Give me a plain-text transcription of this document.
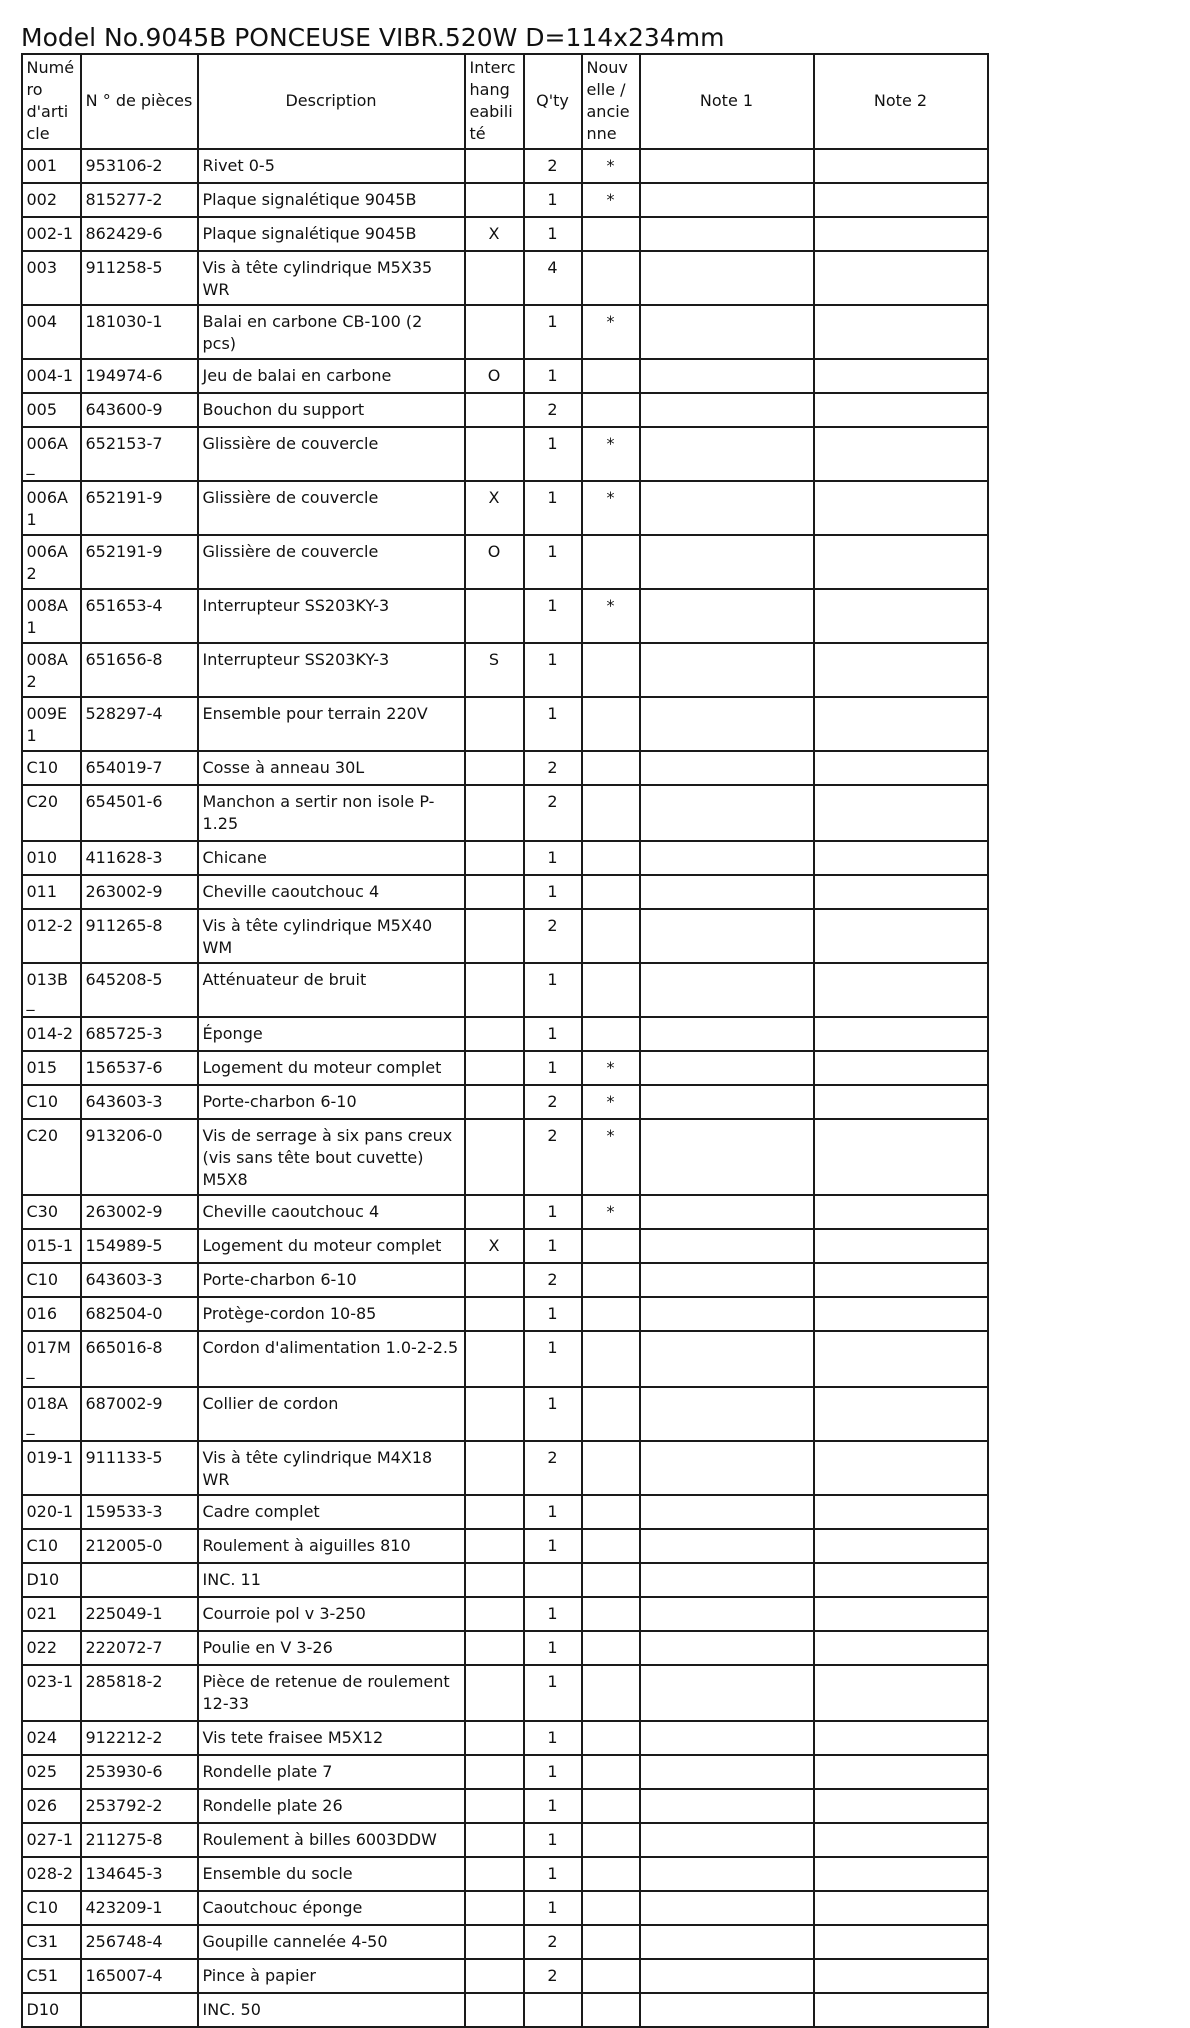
Model No.9045B PONCEUSE VIBR.520W D=114x234mm
Numéro d'article	N ° de pièces	Description	Interchangeabilité	Q'ty	Nouvelle / ancienne	Note 1	Note 2
001	953106-2	Rivet 0-5		2	*		
002	815277-2	Plaque signalétique 9045B		1	*		
002-1	862429-6	Plaque signalétique 9045B	X	1			
003	911258-5	Vis à tête cylindrique M5X35 WR		4			
004	181030-1	Balai en carbone CB-100 (2 pcs)		1	*		
004-1	194974-6	Jeu de balai en carbone	O	1			
005	643600-9	Bouchon du support		2			
006A_	652153-7	Glissière de couvercle		1	*		
006A1	652191-9	Glissière de couvercle	X	1	*		
006A2	652191-9	Glissière de couvercle	O	1			
008A1	651653-4	Interrupteur SS203KY-3		1	*		
008A2	651656-8	Interrupteur SS203KY-3	S	1			
009E1	528297-4	Ensemble pour terrain 220V		1			
C10	654019-7	Cosse à anneau 30L		2			
C20	654501-6	Manchon a sertir non isole P-1.25		2			
010	411628-3	Chicane		1			
011	263002-9	Cheville caoutchouc 4		1			
012-2	911265-8	Vis à tête cylindrique M5X40 WM		2			
013B_	645208-5	Atténuateur de bruit		1			
014-2	685725-3	Éponge		1			
015	156537-6	Logement du moteur complet		1	*		
C10	643603-3	Porte-charbon 6-10		2	*		
C20	913206-0	Vis de serrage à six pans creux (vis sans tête bout cuvette) M5X8		2	*		
C30	263002-9	Cheville caoutchouc 4		1	*		
015-1	154989-5	Logement du moteur complet	X	1			
C10	643603-3	Porte-charbon 6-10		2			
016	682504-0	Protège-cordon 10-85		1			
017M_	665016-8	Cordon d'alimentation 1.0-2-2.5		1			
018A_	687002-9	Collier de cordon		1			
019-1	911133-5	Vis à tête cylindrique M4X18 WR		2			
020-1	159533-3	Cadre complet		1			
C10	212005-0	Roulement à aiguilles 810		1			
D10		INC. 11					
021	225049-1	Courroie pol v 3-250		1			
022	222072-7	Poulie en V 3-26		1			
023-1	285818-2	Pièce de retenue de roulement 12-33		1			
024	912212-2	Vis tete fraisee M5X12		1			
025	253930-6	Rondelle plate 7		1			
026	253792-2	Rondelle plate 26		1			
027-1	211275-8	Roulement à billes 6003DDW		1			
028-2	134645-3	Ensemble du socle		1			
C10	423209-1	Caoutchouc éponge		1			
C31	256748-4	Goupille cannelée 4-50		2			
C51	165007-4	Pince à papier		2			
D10		INC. 50					
